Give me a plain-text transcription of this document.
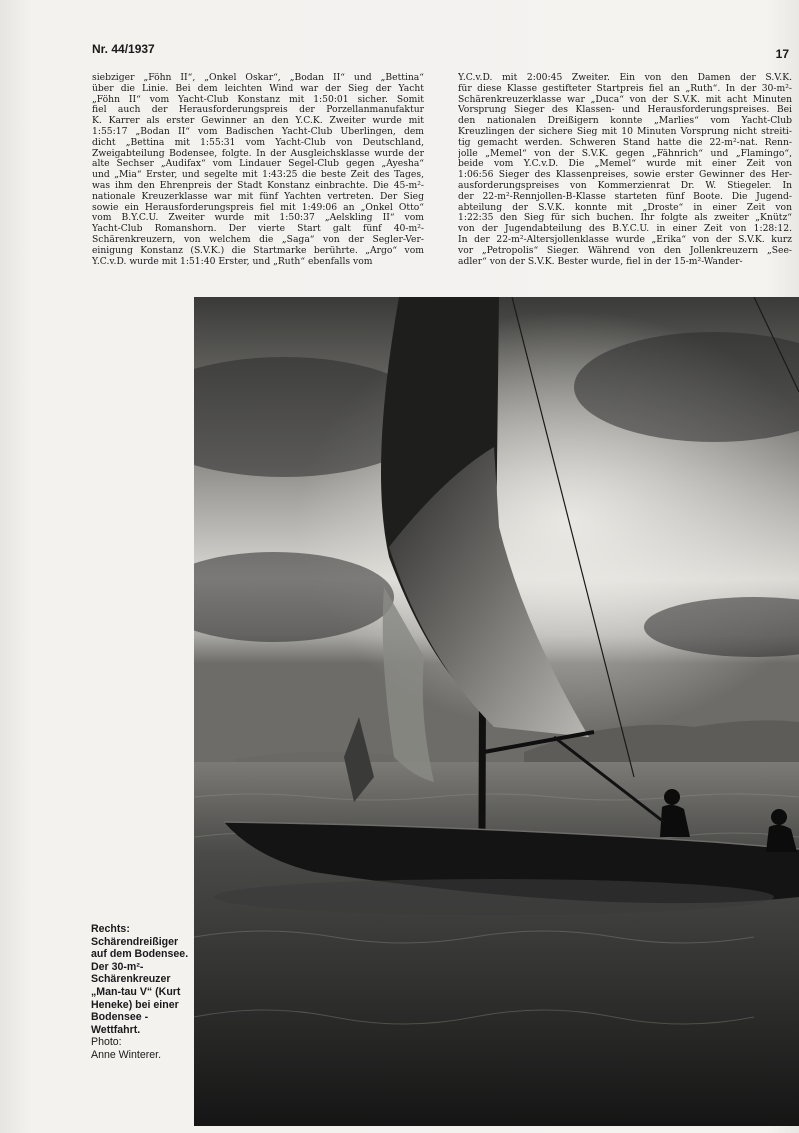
Nr. 44/1937	17
siebziger „Föhn II“, „Onkel Oskar“, „Bodan II“ und „Bettina“
über die Linie. Bei dem leichten Wind war der Sieg der Yacht
„Föhn II“ vom Yacht-Club Konstanz mit 1:50:01 sicher. Somit
fiel auch der Herausforderungspreis der Porzellanmanufaktur
K. Karrer als erster Gewinner an den Y.C.K. Zweiter wurde mit
1:55:17 „Bodan II“ vom Badischen Yacht-Club Überlingen, dem
dicht „Bettina mit 1:55:31 vom Yacht-Club von Deutschland,
Zweigabteilung Bodensee, folgte. In der Ausgleichsklasse wurde der
alte Sechser „Audifax“ vom Lindauer Segel-Club gegen „Ayesha“
und „Mia“ Erster, und segelte mit 1:43:25 die beste Zeit des Tages,
was ihm den Ehrenpreis der Stadt Konstanz einbrachte. Die 45-m²-
nationale Kreuzerklasse war mit fünf Yachten vertreten. Der Sieg
sowie ein Herausforderungspreis fiel mit 1:49:06 an „Onkel Otto“
vom B.Y.C.Ü. Zweiter wurde mit 1:50:37 „Aelskling II“ vom
Yacht-Club Romanshorn. Der vierte Start galt fünf 40-m²-
Schärenkreuzern, von welchem die „Saga“ von der Segler-Ver-
einigung Konstanz (S.V.K.) die Startmarke berührte. „Argo“ vom
Y.C.v.D. wurde mit 1:51:40 Erster, und „Ruth“ ebenfalls vom
Y.C.v.D. mit 2:00:45 Zweiter. Ein von den Damen der S.V.K.
für diese Klasse gestifteter Startpreis fiel an „Ruth“. In der 30-m²-
Schärenkreuzerklasse war „Duca“ von der S.V.K. mit acht Minuten
Vorsprung Sieger des Klassen- und Herausforderungspreises. Bei
den nationalen Dreißigern konnte „Marlies“ vom Yacht-Club
Kreuzlingen der sichere Sieg mit 10 Minuten Vorsprung nicht streiti-
tig gemacht werden. Schweren Stand hatte die 22-m²-nat. Renn-
jolle „Memel“ von der S.V.K. gegen „Fähnrich“ und „Flamingo“,
beide vom Y.C.v.D. Die „Memel“ wurde mit einer Zeit von
1:06:56 Sieger des Klassenpreises, sowie erster Gewinner des Her-
ausforderungspreises von Kommerzienrat Dr. W. Stiegeler. In
der 22-m²-Rennjollen-B-Klasse starteten fünf Boote. Die Jugend-
abteilung der S.V.K. konnte mit „Droste“ in einer Zeit von
1:22:35 den Sieg für sich buchen. Ihr folgte als zweiter „Knütz“
von der Jugendabteilung des B.Y.C.Ü. in einer Zeit von 1:28:12.
In der 22-m²-Altersjollenklasse wurde „Erika“ von der S.V.K. kurz
vor „Petropolis“ Sieger. Während von den Jollenkreuzern „See-
adler“ von der S.V.K. Bester wurde, fiel in der 15-m²-Wander-
Rechts: Schärendreißiger auf dem Bodensee. Der 30-m²-Schärenkreuzer „Man-tau V“ (Kurt Heneke) bei einer Bodensee - Wettfahrt.
Photo:
Anne Winterer.
